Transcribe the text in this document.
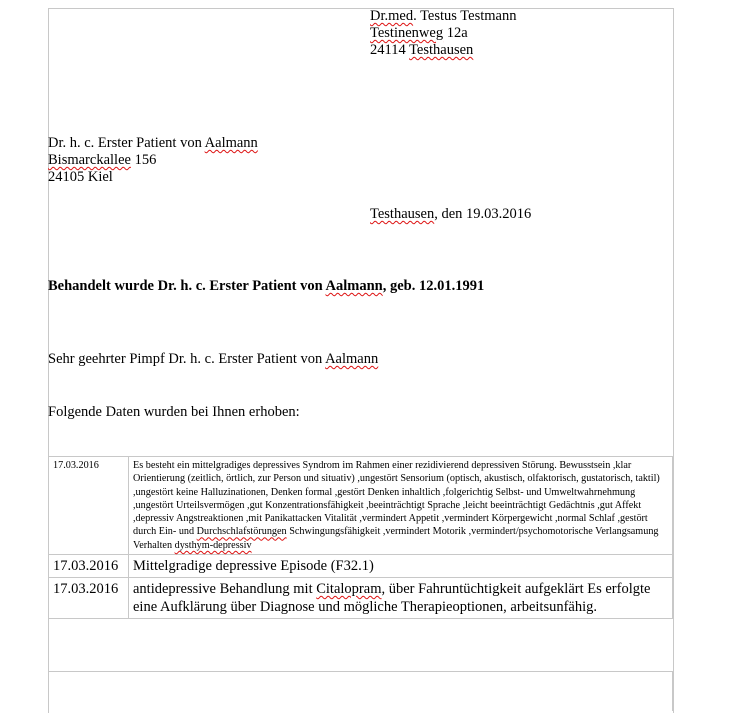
Dr.med. Testus Testmann
Testinenweg 12a
24114 Testhausen
Dr. h. c. Erster Patient von Aalmann
Bismarckallee 156
24105 Kiel
Testhausen, den 19.03.2016
Behandelt wurde Dr. h. c. Erster Patient von Aalmann, geb. 12.01.1991
Sehr geehrter Pimpf Dr. h. c. Erster Patient von Aalmann
Folgende Daten wurden bei Ihnen erhoben:
17.03.2016	Es besteht ein mittelgradiges depressives Syndrom im Rahmen einer rezidivierend depressiven Störung. Bewusstsein ,klar Orientierung (zeitlich, örtlich, zur Person und situativ) ,ungestört Sensorium (optisch, akustisch, olfaktorisch, gustatorisch, taktil) ,ungestört keine Halluzinationen, Denken formal ,gestört Denken inhaltlich ,folgerichtig Selbst- und Umweltwahrnehmung ,ungestört Urteilsvermögen ,gut Konzentrationsfähigkeit ,beeinträchtigt Sprache ,leicht beeinträchtigt Gedächtnis ,gut Affekt ,depressiv Angstreaktionen ,mit Panikattacken Vitalität ,vermindert Appetit ,vermindert Körpergewicht ,normal Schlaf ,gestört durch Ein- und Durchschlafstörungen Schwingungsfähigkeit ,vermindert Motorik ,vermindert/psychomotorische Verlangsamung Verhalten dysthym-depressiv
17.03.2016	Mittelgradige depressive Episode (F32.1)
17.03.2016	antidepressive Behandlung mit Citalopram, über Fahruntüchtigkeit aufgeklärt Es erfolgte eine Aufklärung über Diagnose und mögliche Therapieoptionen, arbeitsunfähig.
